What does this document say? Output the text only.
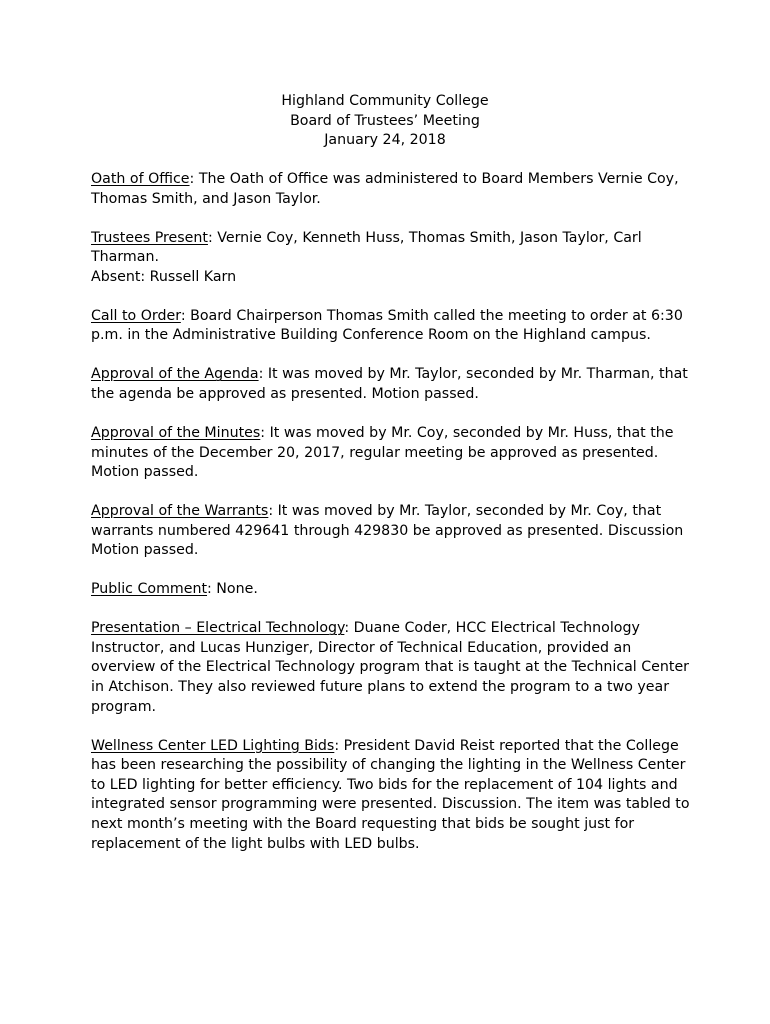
Highland Community College
Board of Trustees’ Meeting
January 24, 2018

Oath of Office: The Oath of Office was administered to Board Members Vernie Coy, Thomas Smith, and Jason Taylor.

Trustees Present: Vernie Coy, Kenneth Huss, Thomas Smith, Jason Taylor, Carl Tharman.
Absent: Russell Karn

Call to Order: Board Chairperson Thomas Smith called the meeting to order at 6:30 p.m. in the Administrative Building Conference Room on the Highland campus.

Approval of the Agenda: It was moved by Mr. Taylor, seconded by Mr. Tharman, that the agenda be approved as presented. Motion passed.

Approval of the Minutes: It was moved by Mr. Coy, seconded by Mr. Huss, that the minutes of the December 20, 2017, regular meeting be approved as presented. Motion passed.

Approval of the Warrants: It was moved by Mr. Taylor, seconded by Mr. Coy, that warrants numbered 429641 through 429830 be approved as presented. Discussion Motion passed.

Public Comment: None.

Presentation – Electrical Technology: Duane Coder, HCC Electrical Technology Instructor, and Lucas Hunziger, Director of Technical Education, provided an overview of the Electrical Technology program that is taught at the Technical Center in Atchison. They also reviewed future plans to extend the program to a two year program.

Wellness Center LED Lighting Bids: President David Reist reported that the College has been researching the possibility of changing the lighting in the Wellness Center to LED lighting for better efficiency. Two bids for the replacement of 104 lights and integrated sensor programming were presented. Discussion. The item was tabled to next month’s meeting with the Board requesting that bids be sought just for replacement of the light bulbs with LED bulbs.
